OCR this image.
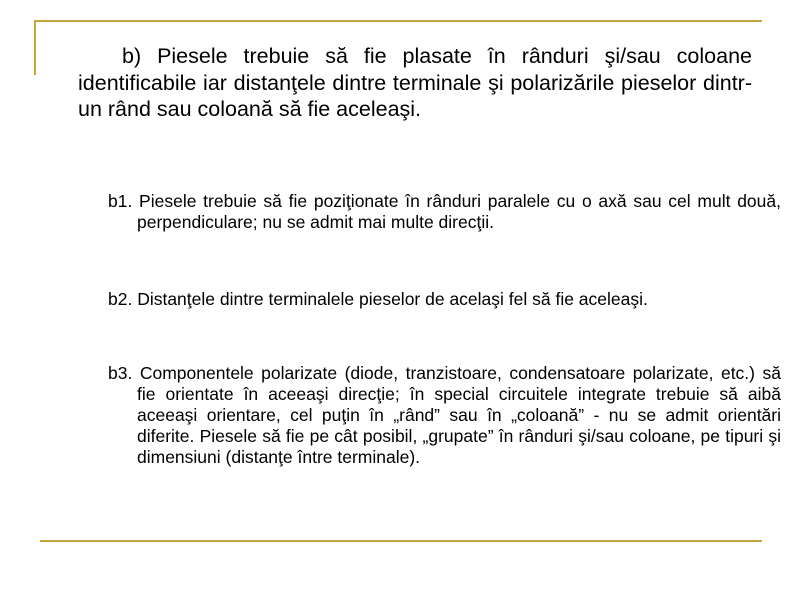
b) Piesele trebuie să fie plasate în rânduri şi/sau coloane identificabile iar distanţele dintre terminale şi polarizările pieselor dintr-un rând sau coloană să fie aceleaşi.

b1. Piesele trebuie să fie poziţionate în rânduri paralele cu o axă sau cel mult două, perpendiculare; nu se admit mai multe direcţii.

b2. Distanţele dintre terminalele pieselor de acelaşi fel să fie aceleaşi.

b3. Componentele polarizate (diode, tranzistoare, condensatoare polarizate, etc.) să fie orientate în aceeaşi direcţie; în special circuitele integrate trebuie să aibă aceeaşi orientare, cel puţin în „rând” sau în „coloană” - nu se admit orientări diferite. Piesele să fie pe cât posibil, „grupate” în rânduri şi/sau coloane, pe tipuri şi dimensiuni (distanţe între terminale).
